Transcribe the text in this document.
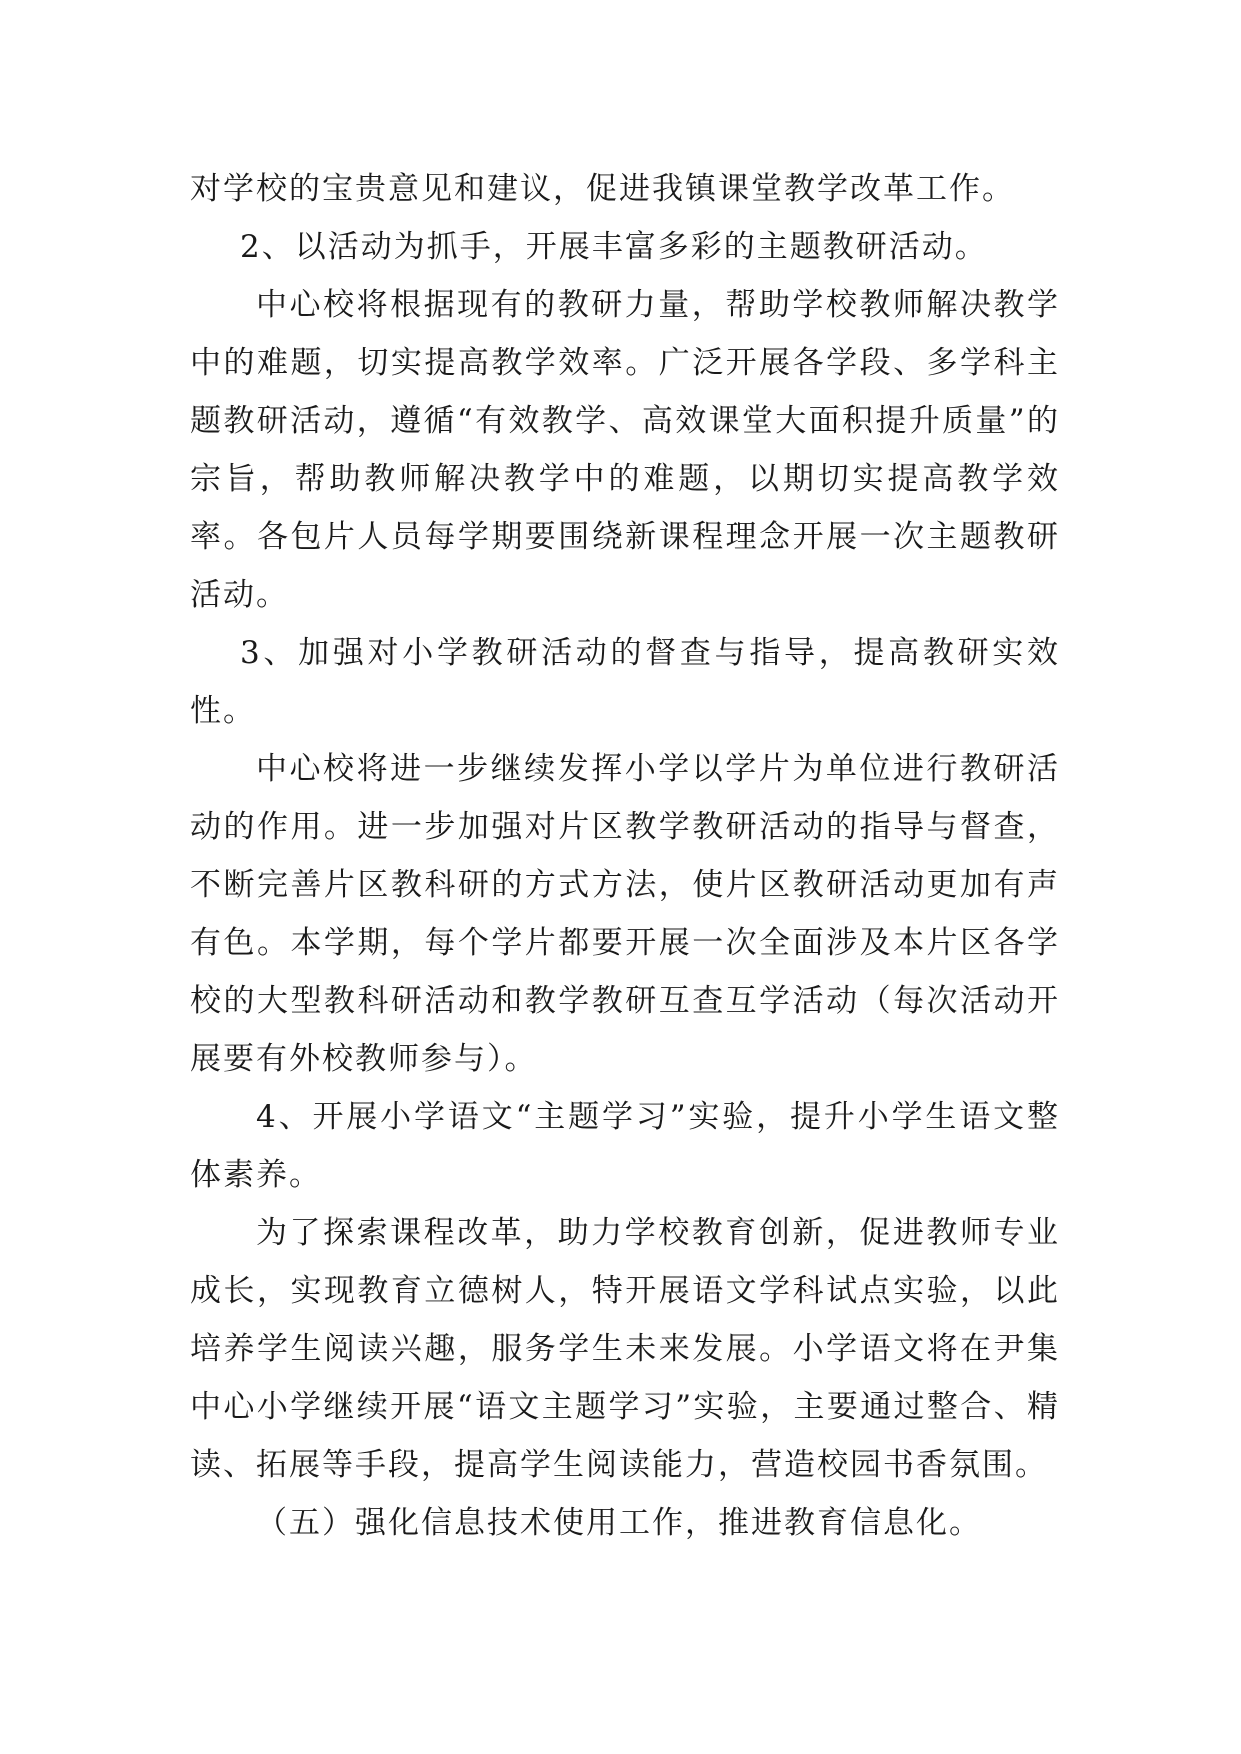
对学校的宝贵意见和建议，促进我镇课堂教学改革工作。

2、以活动为抓手，开展丰富多彩的主题教研活动。

中心校将根据现有的教研力量，帮助学校教师解决教学中的难题，切实提高教学效率。广泛开展各学段、多学科主题教研活动，遵循“有效教学、高效课堂大面积提升质量”的宗旨，帮助教师解决教学中的难题，以期切实提高教学效率。各包片人员每学期要围绕新课程理念开展一次主题教研活动。

3、加强对小学教研活动的督查与指导，提高教研实效性。

中心校将进一步继续发挥小学以学片为单位进行教研活动的作用。进一步加强对片区教学教研活动的指导与督查，不断完善片区教科研的方式方法，使片区教研活动更加有声有色。本学期，每个学片都要开展一次全面涉及本片区各学校的大型教科研活动和教学教研互查互学活动（每次活动开展要有外校教师参与）。

4、开展小学语文“主题学习”实验，提升小学生语文整体素养。

为了探索课程改革，助力学校教育创新，促进教师专业成长，实现教育立德树人，特开展语文学科试点实验，以此培养学生阅读兴趣，服务学生未来发展。小学语文将在尹集中心小学继续开展“语文主题学习”实验，主要通过整合、精读、拓展等手段，提高学生阅读能力，营造校园书香氛围。

（五）强化信息技术使用工作，推进教育信息化。
